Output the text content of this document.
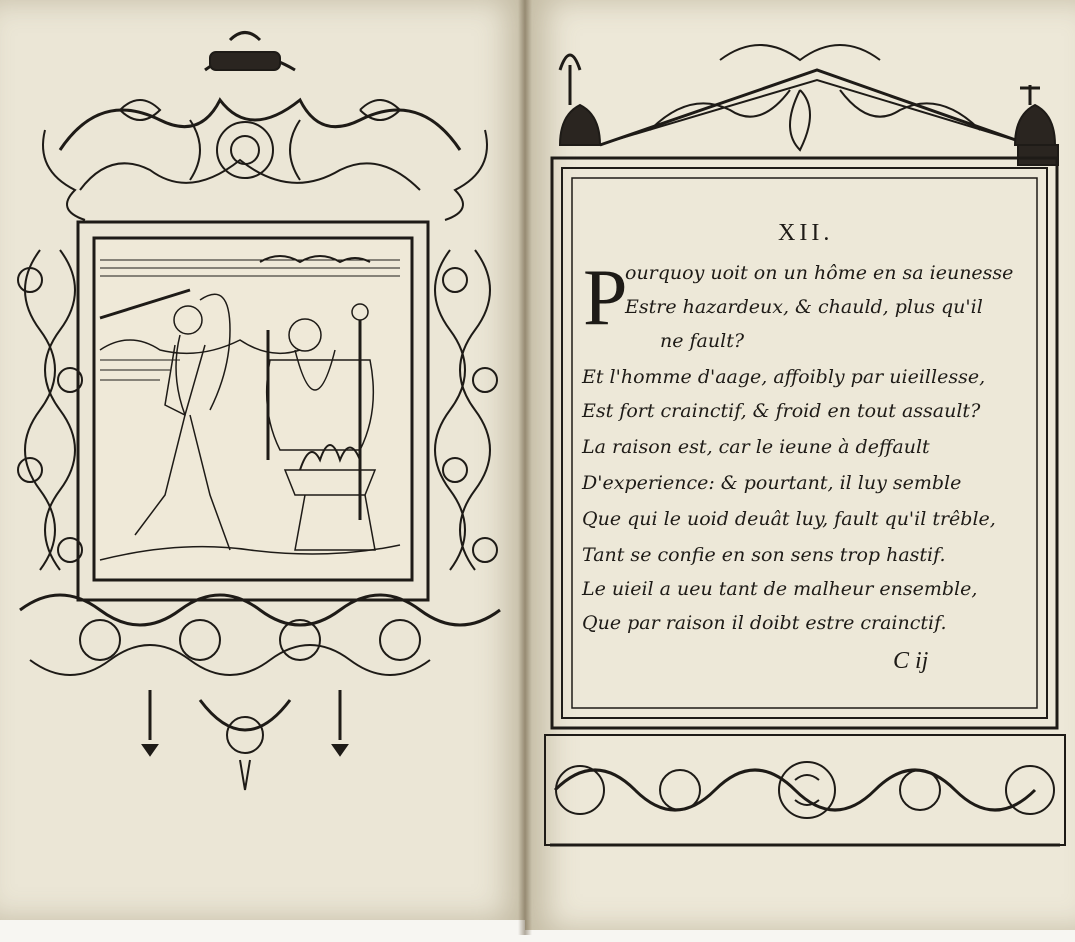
XII.
P
ourquoy uoit on un hôme en sa ieunesse
Estre hazardeux, & chauld, plus qu'il
ne fault?
Et l'homme d'aage, affoibly par uieillesse,
Est fort crainctif, & froid en tout assault?
La raison est, car le ieune à deffault
D'experience: & pourtant, il luy semble
Que qui le uoid deuât luy, fault qu'il trêble,
Tant se confie en son sens trop hastif.
Le uieil a ueu tant de malheur ensemble,
Que par raison il doibt estre crainctif.
C ij
